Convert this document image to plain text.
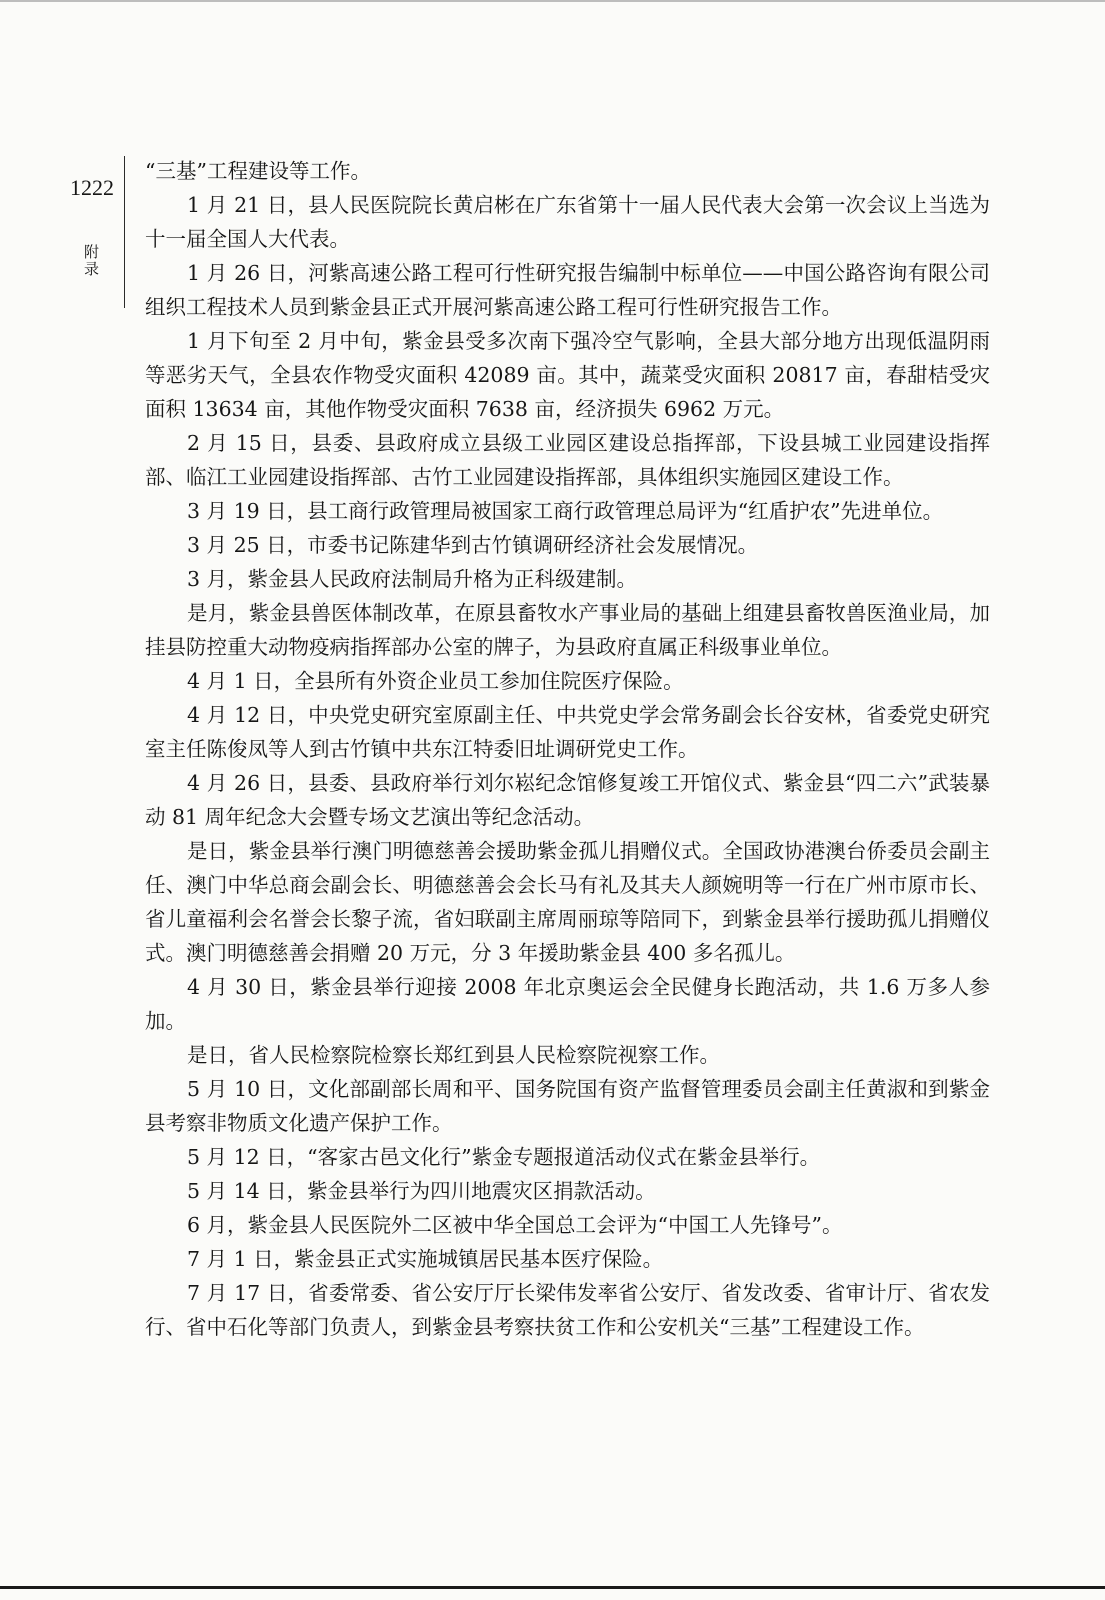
1222
附录

“三基”工程建设等工作。

1 月 21 日，县人民医院院长黄启彬在广东省第十一届人民代表大会第一次会议上当选为十一届全国人大代表。

1 月 26 日，河紫高速公路工程可行性研究报告编制中标单位——中国公路咨询有限公司组织工程技术人员到紫金县正式开展河紫高速公路工程可行性研究报告工作。

1 月下旬至 2 月中旬，紫金县受多次南下强冷空气影响，全县大部分地方出现低温阴雨等恶劣天气，全县农作物受灾面积 42089 亩。其中，蔬菜受灾面积 20817 亩，春甜桔受灾面积 13634 亩，其他作物受灾面积 7638 亩，经济损失 6962 万元。

2 月 15 日，县委、县政府成立县级工业园区建设总指挥部，下设县城工业园建设指挥部、临江工业园建设指挥部、古竹工业园建设指挥部，具体组织实施园区建设工作。

3 月 19 日，县工商行政管理局被国家工商行政管理总局评为“红盾护农”先进单位。

3 月 25 日，市委书记陈建华到古竹镇调研经济社会发展情况。

3 月，紫金县人民政府法制局升格为正科级建制。

是月，紫金县兽医体制改革，在原县畜牧水产事业局的基础上组建县畜牧兽医渔业局，加挂县防控重大动物疫病指挥部办公室的牌子，为县政府直属正科级事业单位。

4 月 1 日，全县所有外资企业员工参加住院医疗保险。

4 月 12 日，中央党史研究室原副主任、中共党史学会常务副会长谷安林，省委党史研究室主任陈俊凤等人到古竹镇中共东江特委旧址调研党史工作。

4 月 26 日，县委、县政府举行刘尔崧纪念馆修复竣工开馆仪式、紫金县“四二六”武装暴动 81 周年纪念大会暨专场文艺演出等纪念活动。

是日，紫金县举行澳门明德慈善会援助紫金孤儿捐赠仪式。全国政协港澳台侨委员会副主任、澳门中华总商会副会长、明德慈善会会长马有礼及其夫人颜婉明等一行在广州市原市长、省儿童福利会名誉会长黎子流，省妇联副主席周丽琼等陪同下，到紫金县举行援助孤儿捐赠仪式。澳门明德慈善会捐赠 20 万元，分 3 年援助紫金县 400 多名孤儿。

4 月 30 日，紫金县举行迎接 2008 年北京奥运会全民健身长跑活动，共 1.6 万多人参加。

是日，省人民检察院检察长郑红到县人民检察院视察工作。

5 月 10 日，文化部副部长周和平、国务院国有资产监督管理委员会副主任黄淑和到紫金县考察非物质文化遗产保护工作。

5 月 12 日，“客家古邑文化行”紫金专题报道活动仪式在紫金县举行。

5 月 14 日，紫金县举行为四川地震灾区捐款活动。

6 月，紫金县人民医院外二区被中华全国总工会评为“中国工人先锋号”。

7 月 1 日，紫金县正式实施城镇居民基本医疗保险。

7 月 17 日，省委常委、省公安厅厅长梁伟发率省公安厅、省发改委、省审计厅、省农发行、省中石化等部门负责人，到紫金县考察扶贫工作和公安机关“三基”工程建设工作。
